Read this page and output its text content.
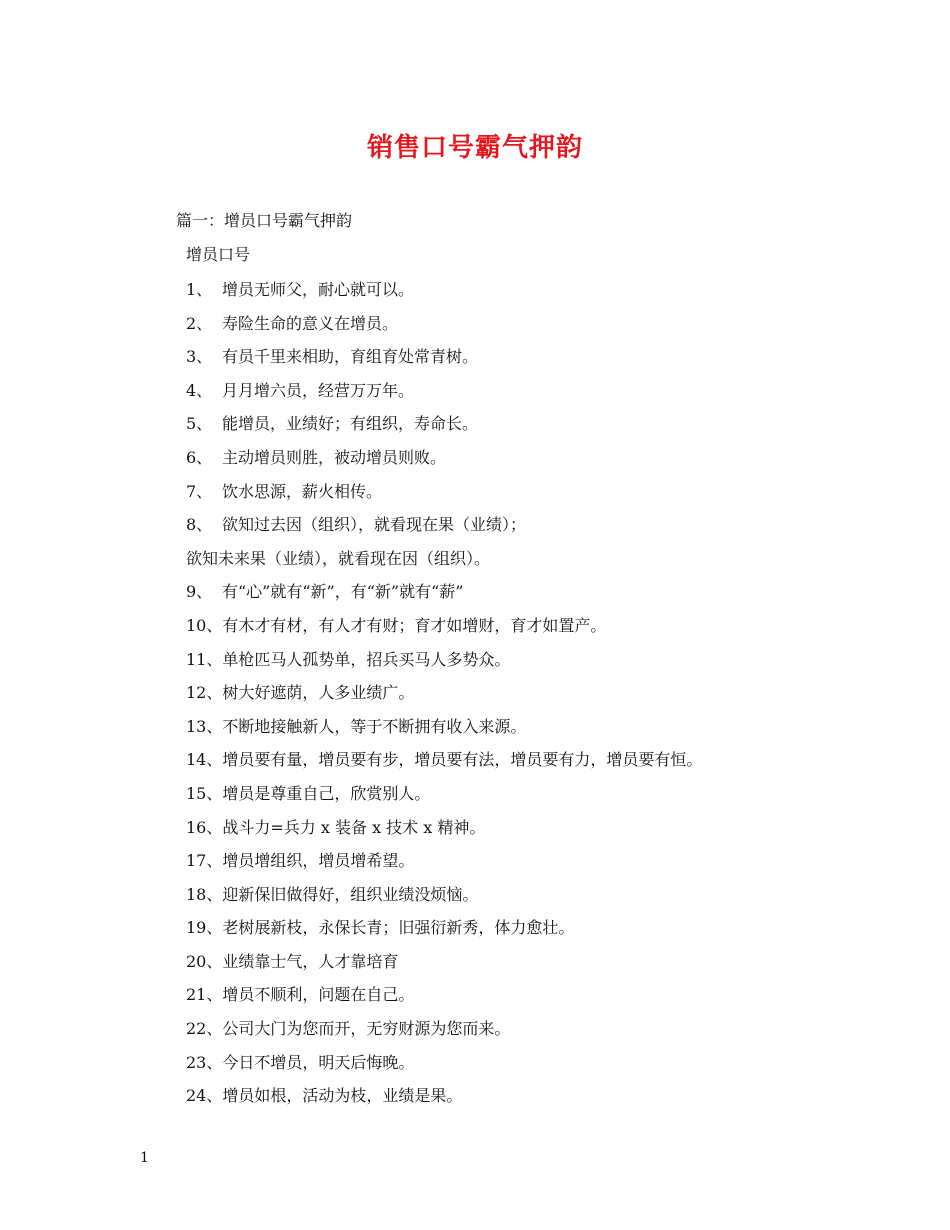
销售口号霸气押韵
篇一：增员口号霸气押韵
增员口号
1、 增员无师父，耐心就可以。
2、 寿险生命的意义在增员。
3、 有员千里来相助，育组育处常青树。
4、 月月增六员，经营万万年。
5、 能增员，业绩好；有组织，寿命长。
6、 主动增员则胜，被动增员则败。
7、 饮水思源，薪火相传。
8、 欲知过去因（组织），就看现在果（业绩）；
欲知未来果（业绩），就看现在因（组织）。
9、 有“心”就有“新”，有“新”就有“薪”
10、有木才有材，有人才有财；育才如增财，育才如置产。
11、单枪匹马人孤势单，招兵买马人多势众。
12、树大好遮荫，人多业绩广。
13、不断地接触新人，等于不断拥有收入来源。
14、增员要有量，增员要有步，增员要有法，增员要有力，增员要有恒。
15、增员是尊重自己，欣赏别人。
16、战斗力=兵力 x 装备 x 技术 x 精神。
17、增员增组织，增员增希望。
18、迎新保旧做得好，组织业绩没烦恼。
19、老树展新枝，永保长青；旧强衍新秀，体力愈壮。
20、业绩靠士气，人才靠培育
21、增员不顺利，问题在自己。
22、公司大门为您而开，无穷财源为您而来。
23、今日不增员，明天后悔晚。
24、增员如根，活动为枝，业绩是果。
1
